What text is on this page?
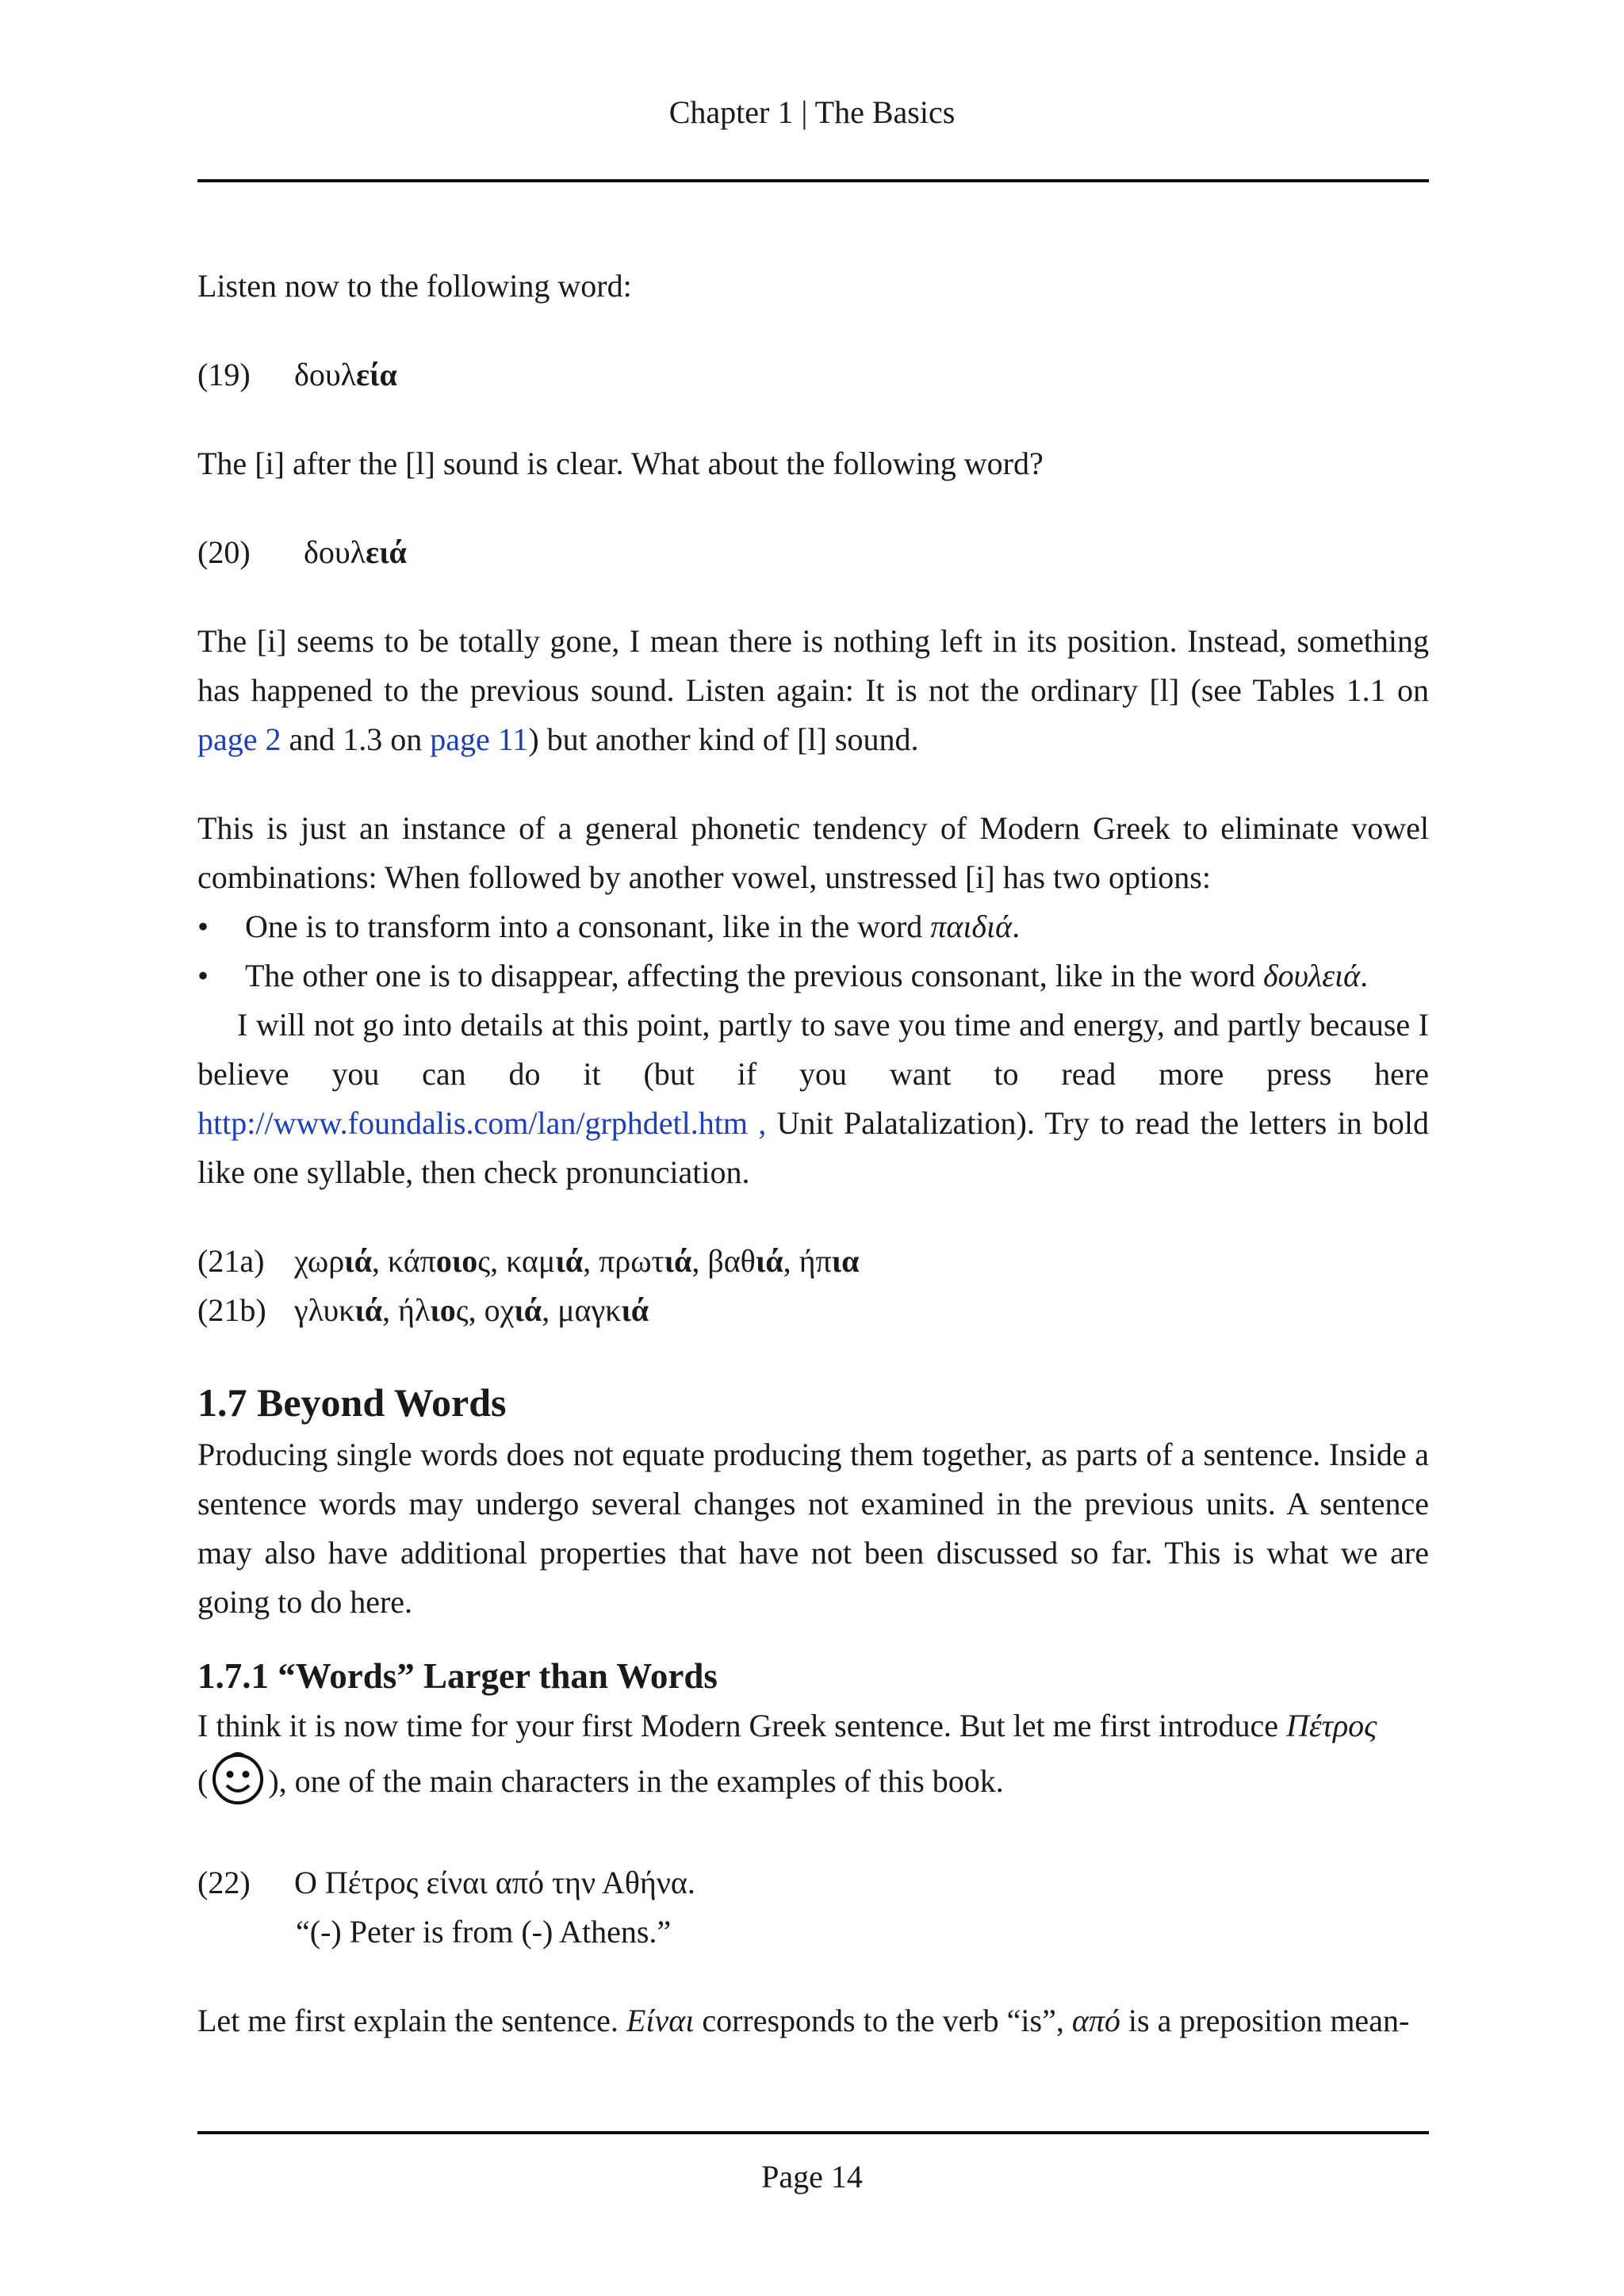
Chapter 1 | The Basics

Listen now to the following word:

(19)	δουλεία

The [i] after the [l] sound is clear. What about the following word?

(20)	δουλειά

The [i] seems to be totally gone, I mean there is nothing left in its position. Instead, something has happened to the previous sound. Listen again: It is not the ordinary [l] (see Tables 1.1 on page 2 and 1.3 on page 11) but another kind of [l] sound.

This is just an instance of a general phonetic tendency of Modern Greek to eliminate vowel combinations: When followed by another vowel, unstressed [i] has two options:

• One is to transform into a consonant, like in the word παιδιά.
• The other one is to disappear, affecting the previous consonant, like in the word δουλειά.

I will not go into details at this point, partly to save you time and energy, and partly because I believe you can do it (but if you want to read more press here http://www.foundalis.com/lan/grphdetl.htm , Unit Palatalization). Try to read the letters in bold like one syllable, then check pronunciation.

(21a) χωριά, κάποιος, καμιά, πρωτιά, βαθιά, ήπια
(21b) γλυκιά, ήλιος, οχιά, μαγκιά
1.7 Beyond Words

Producing single words does not equate producing them together, as parts of a sentence. Inside a sentence words may undergo several changes not examined in the previous units. A sentence may also have additional properties that have not been discussed so far. This is what we are going to do here.

1.7.1 “Words” Larger than Words

I think it is now time for your first Modern Greek sentence. But let me first introduce Πέτρος
( ), one of the main characters in the examples of this book.

(22)	Ο Πέτρος είναι από την Αθήνα.
“(-) Peter is from (-) Athens.”

Let me first explain the sentence. Είναι corresponds to the verb “is”, από is a preposition mean-

Page 14
